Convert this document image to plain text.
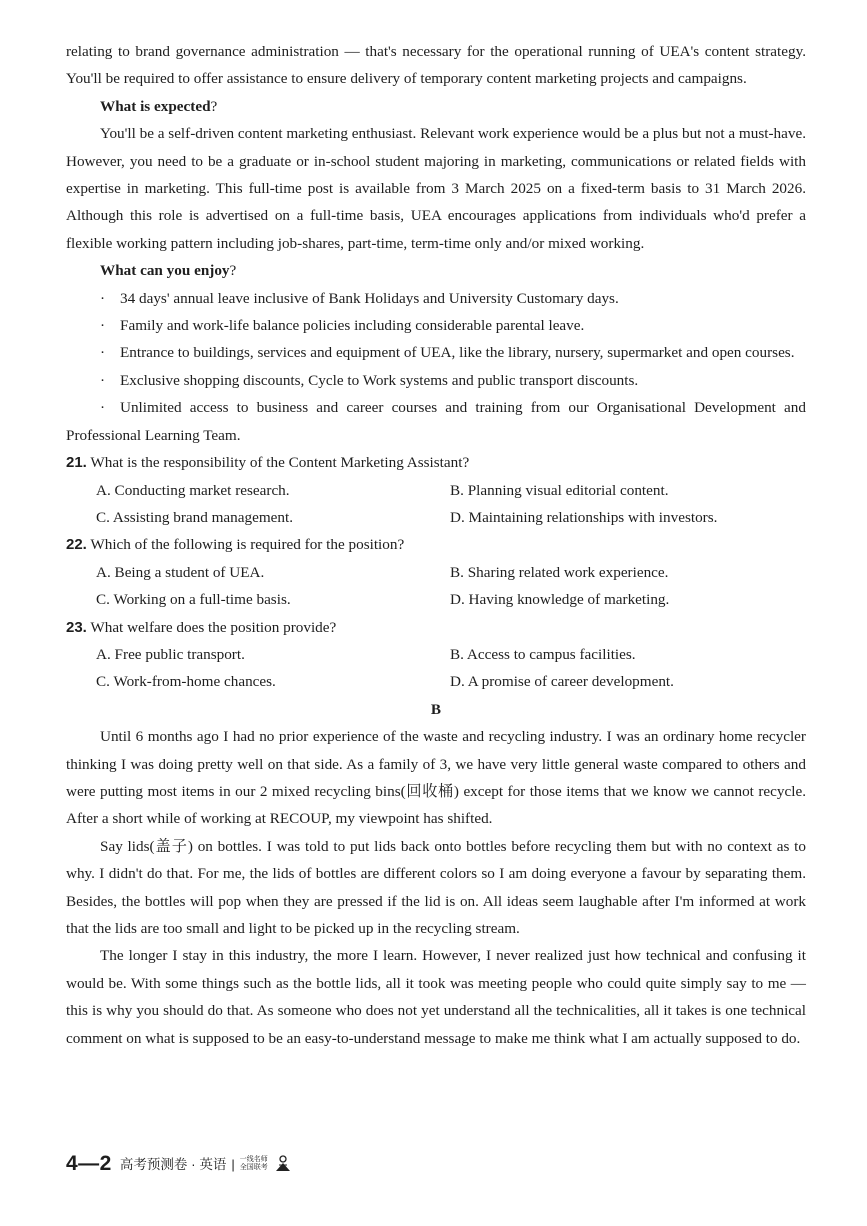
relating to brand governance administration — that's necessary for the operational running of UEA's content strategy. You'll be required to offer assistance to ensure delivery of temporary content marketing projects and campaigns.

What is expected?

You'll be a self-driven content marketing enthusiast. Relevant work experience would be a plus but not a must-have. However, you need to be a graduate or in-school student majoring in marketing, communications or related fields with expertise in marketing. This full-time post is available from 3 March 2025 on a fixed-term basis to 31 March 2026. Although this role is advertised on a full-time basis, UEA encourages applications from individuals who'd prefer a flexible working pattern including job-shares, part-time, term-time only and/or mixed working.

What can you enjoy?

· 34 days' annual leave inclusive of Bank Holidays and University Customary days.
· Family and work-life balance policies including considerable parental leave.
· Entrance to buildings, services and equipment of UEA, like the library, nursery, supermarket and open courses.
· Exclusive shopping discounts, Cycle to Work systems and public transport discounts.
· Unlimited access to business and career courses and training from our Organisational Development and Professional Learning Team.

21. What is the responsibility of the Content Marketing Assistant?

A. Conducting market research.	B. Planning visual editorial content.
C. Assisting brand management.	D. Maintaining relationships with investors.

22. Which of the following is required for the position?

A. Being a student of UEA.	B. Sharing related work experience.
C. Working on a full-time basis.	D. Having knowledge of marketing.

23. What welfare does the position provide?

A. Free public transport.	B. Access to campus facilities.
C. Work-from-home chances.	D. A promise of career development.

B

Until 6 months ago I had no prior experience of the waste and recycling industry. I was an ordinary home recycler thinking I was doing pretty well on that side. As a family of 3, we have very little general waste compared to others and were putting most items in our 2 mixed recycling bins(回收桶) except for those items that we know we cannot recycle. After a short while of working at RECOUP, my viewpoint has shifted.

Say lids(盖子) on bottles. I was told to put lids back onto bottles before recycling them but with no context as to why. I didn't do that. For me, the lids of bottles are different colors so I am doing everyone a favour by separating them. Besides, the bottles will pop when they are pressed if the lid is on. All ideas seem laughable after I'm informed at work that the lids are too small and light to be picked up in the recycling stream.

The longer I stay in this industry, the more I learn. However, I never realized just how technical and confusing it would be. With some things such as the bottle lids, all it took was meeting people who could quite simply say to me — this is why you should do that. As someone who does not yet understand all the technicalities, all it takes is one technical comment on what is supposed to be an easy-to-understand message to make me think what I am actually supposed to do.

4—2 高考预测卷 · 英语 | 一线名师
全国联考
